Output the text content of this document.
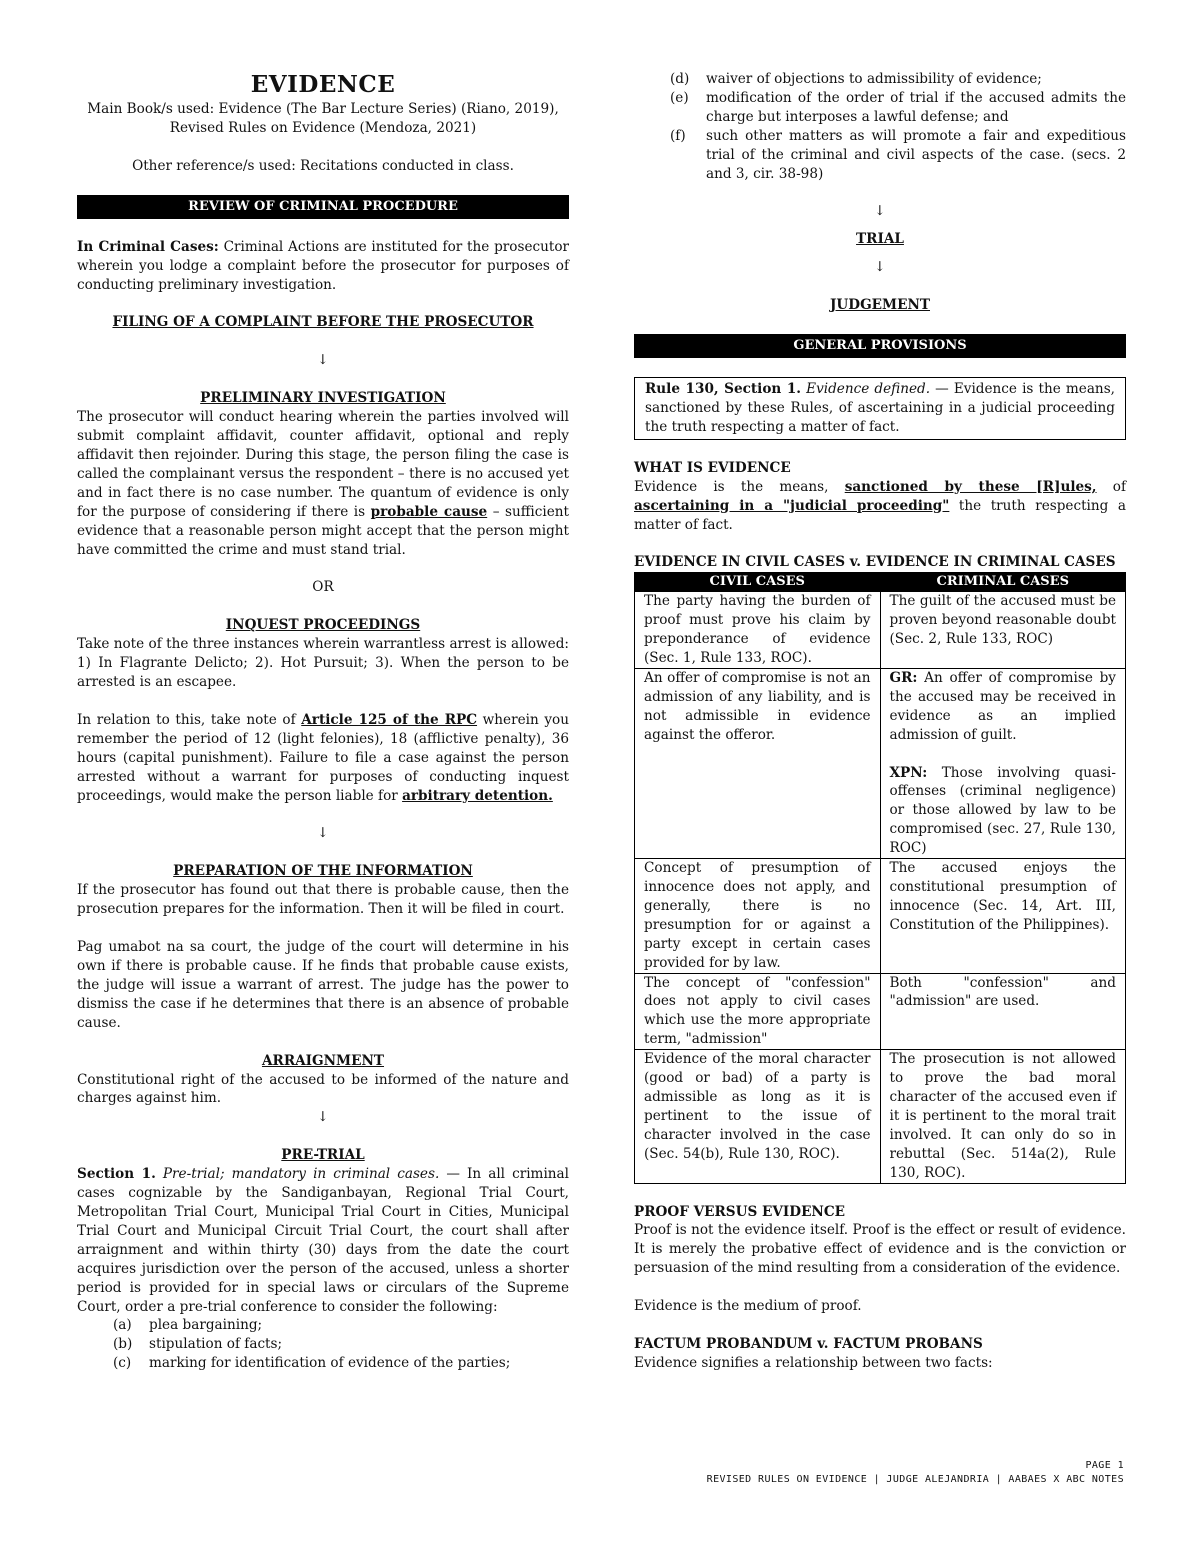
EVIDENCE
Main Book/s used: Evidence (The Bar Lecture Series) (Riano, 2019),
Revised Rules on Evidence (Mendoza, 2021)
Other reference/s used: Recitations conducted in class.
REVIEW OF CRIMINAL PROCEDURE

In Criminal Cases: Criminal Actions are instituted for the prosecutor wherein you lodge a complaint before the prosecutor for purposes of conducting preliminary investigation.

FILING OF A COMPLAINT BEFORE THE PROSECUTOR
↓
PRELIMINARY INVESTIGATION

The prosecutor will conduct hearing wherein the parties involved will submit complaint affidavit, counter affidavit, optional and reply affidavit then rejoinder. During this stage, the person filing the case is called the complainant versus the respondent – there is no accused yet and in fact there is no case number. The quantum of evidence is only for the purpose of considering if there is probable cause – sufficient evidence that a reasonable person might accept that the person might have committed the crime and must stand trial.

OR
INQUEST PROCEEDINGS

Take note of the three instances wherein warrantless arrest is allowed: 1) In Flagrante Delicto; 2). Hot Pursuit; 3). When the person to be arrested is an escapee.

In relation to this, take note of Article 125 of the RPC wherein you remember the period of 12 (light felonies), 18 (afflictive penalty), 36 hours (capital punishment). Failure to file a case against the person arrested without a warrant for purposes of conducting inquest proceedings, would make the person liable for arbitrary detention.

↓
PREPARATION OF THE INFORMATION

If the prosecutor has found out that there is probable cause, then the prosecution prepares for the information. Then it will be filed in court.

Pag umabot na sa court, the judge of the court will determine in his own if there is probable cause. If he finds that probable cause exists, the judge will issue a warrant of arrest. The judge has the power to dismiss the case if he determines that there is an absence of probable cause.

ARRAIGNMENT

Constitutional right of the accused to be informed of the nature and charges against him.

↓
PRE-TRIAL

Section 1. Pre-trial; mandatory in criminal cases. — In all criminal cases cognizable by the Sandiganbayan, Regional Trial Court, Metropolitan Trial Court, Municipal Trial Court in Cities, Municipal Trial Court and Municipal Circuit Trial Court, the court shall after arraignment and within thirty (30) days from the date the court acquires jurisdiction over the person of the accused, unless a shorter period is provided for in special laws or circulars of the Supreme Court, order a pre-trial conference to consider the following:

(a)	plea bargaining;
(b)	stipulation of facts;
(c)	marking for identification of evidence of the parties;
(d)	waiver of objections to admissibility of evidence;
(e)	modification of the order of trial if the accused admits the charge but interposes a lawful defense; and
(f)	such other matters as will promote a fair and expeditious trial of the criminal and civil aspects of the case. (secs. 2 and 3, cir. 38-98)
↓
TRIAL
↓
JUDGEMENT
GENERAL PROVISIONS
Rule 130, Section 1. Evidence defined. — Evidence is the means, sanctioned by these Rules, of ascertaining in a judicial proceeding the truth respecting a matter of fact.
WHAT IS EVIDENCE

Evidence is the means, sanctioned by these [R]ules, of ascertaining in a "judicial proceeding" the truth respecting a matter of fact.

EVIDENCE IN CIVIL CASES v. EVIDENCE IN CRIMINAL CASES
CIVIL CASES	CRIMINAL CASES
The party having the burden of proof must prove his claim by preponderance of evidence (Sec. 1, Rule 133, ROC).	The guilt of the accused must be proven beyond reasonable doubt (Sec. 2, Rule 133, ROC)
An offer of compromise is not an admission of any liability, and is not admissible in evidence against the offeror.	GR: An offer of compromise by the accused may be received in evidence as an implied admission of guilt.
XPN: Those involving quasi-offenses (criminal negligence) or those allowed by law to be compromised (sec. 27, Rule 130, ROC)

Concept of presumption of innocence does not apply, and generally, there is no presumption for or against a party except in certain cases provided for by law.	The accused enjoys the constitutional presumption of innocence (Sec. 14, Art. III, Constitution of the Philippines).
The concept of "confession" does not apply to civil cases which use the more appropriate term, "admission"	Both "confession" and "admission" are used.
Evidence of the moral character (good or bad) of a party is admissible as long as it is pertinent to the issue of character involved in the case (Sec. 54(b), Rule 130, ROC).	The prosecution is not allowed to prove the bad moral character of the accused even if it is pertinent to the moral trait involved. It can only do so in rebuttal (Sec. 514a(2), Rule 130, ROC).
PROOF VERSUS EVIDENCE

Proof is not the evidence itself. Proof is the effect or result of evidence. It is merely the probative effect of evidence and is the conviction or persuasion of the mind resulting from a consideration of the evidence.

Evidence is the medium of proof.

FACTUM PROBANDUM v. FACTUM PROBANS

Evidence signifies a relationship between two facts:

PAGE 1
REVISED RULES ON EVIDENCE | JUDGE ALEJANDRIA | AABAES X ABC NOTES
